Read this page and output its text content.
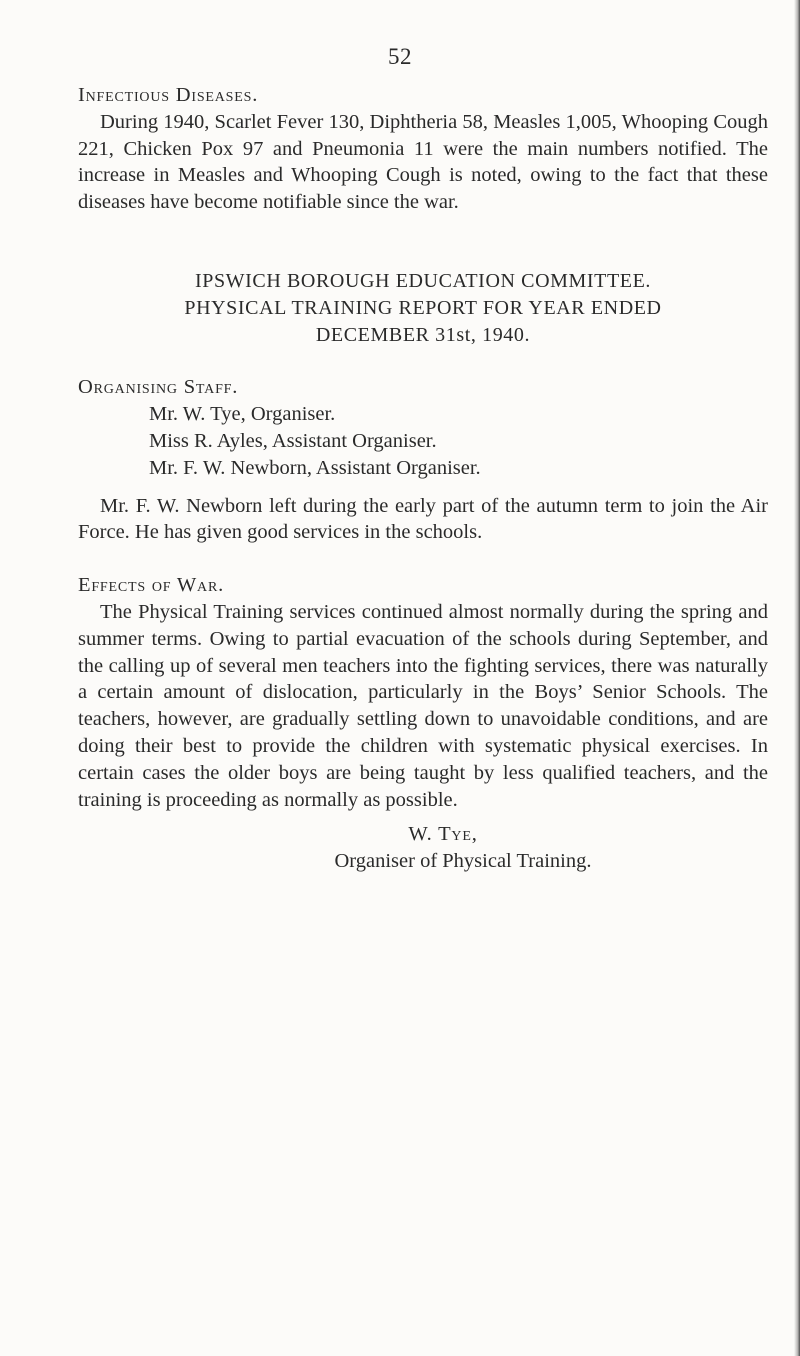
52
Infectious Diseases.

During 1940, Scarlet Fever 130, Diphtheria 58, Measles 1,005, Whooping Cough 221, Chicken Pox 97 and Pneumonia 11 were the main numbers notified. The increase in Measles and Whooping Cough is noted, owing to the fact that these diseases have become notifiable since the war.

IPSWICH BOROUGH EDUCATION COMMITTEE.
PHYSICAL TRAINING REPORT FOR YEAR ENDED
DECEMBER 31st, 1940.
Organising Staff.
Mr. W. Tye, Organiser.
Miss R. Ayles, Assistant Organiser.
Mr. F. W. Newborn, Assistant Organiser.

Mr. F. W. Newborn left during the early part of the autumn term to join the Air Force. He has given good services in the schools.

Effects of War.

The Physical Training services continued almost normally during the spring and summer terms. Owing to partial evacuation of the schools during September, and the calling up of several men teachers into the fighting services, there was naturally a certain amount of dislocation, particularly in the Boys’ Senior Schools. The teachers, however, are gradually settling down to unavoidable conditions, and are doing their best to provide the children with systematic physical exercises. In certain cases the older boys are being taught by less qualified teachers, and the training is proceeding as normally as possible.

W. Tye,
Organiser of Physical Training.
